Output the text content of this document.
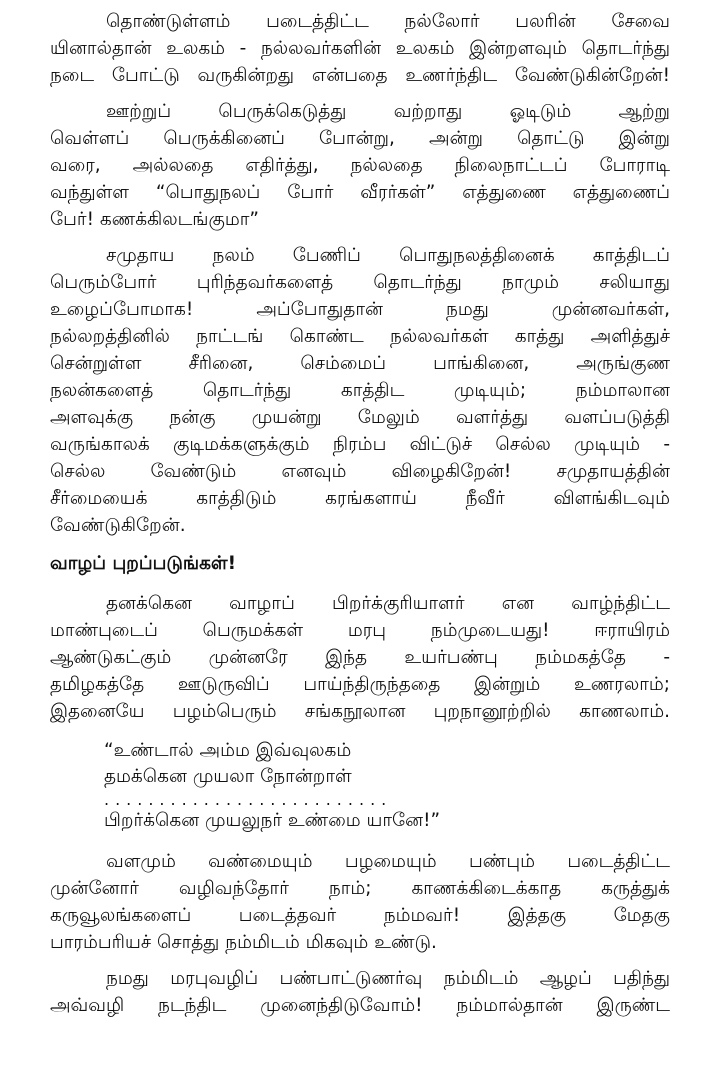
தொண்டுள்ளம் படைத்திட்ட நல்லோர் பலரின் சேவை
யினால்தான் உலகம் - நல்லவர்களின் உலகம் இன்றளவும் தொடர்ந்து
நடை போட்டு வருகின்றது என்பதை உணர்ந்திட வேண்டுகின்றேன்!
ஊற்றுப் பெருக்கெடுத்து வற்றாது ஓடிடும் ஆற்று
வெள்ளப் பெருக்கினைப் போன்று, அன்று தொட்டு இன்று
வரை, அல்லதை எதிர்த்து, நல்லதை நிலைநாட்டப் போராடி
வந்துள்ள “பொதுநலப் போர் வீரர்கள்” எத்துணை எத்துணைப்
பேர்! கணக்கிலடங்குமா”
சமுதாய நலம் பேணிப் பொதுநலத்தினைக் காத்திடப்
பெரும்போர் புரிந்தவர்களைத் தொடர்ந்து நாமும் சலியாது
உழைப்போமாக! அப்போதுதான் நமது முன்னவர்கள்,
நல்லறத்தினில் நாட்டங் கொண்ட நல்லவர்கள் காத்து அளித்துச்
சென்றுள்ள சீரினை, செம்மைப் பாங்கினை, அருங்குண
நலன்களைத் தொடர்ந்து காத்திட முடியும்; நம்மாலான
அளவுக்கு நன்கு முயன்று மேலும் வளர்த்து வளப்படுத்தி
வருங்காலக் குடிமக்களுக்கும் நிரம்ப விட்டுச் செல்ல முடியும் -
செல்ல வேண்டும் எனவும் விழைகிறேன்! சமுதாயத்தின்
சீர்மையைக் காத்திடும் கரங்களாய் நீவீர் விளங்கிடவும்
வேண்டுகிறேன்.
வாழப் புறப்படுங்கள்!
தனக்கென வாழாப் பிறர்க்குரியாளர் என வாழ்ந்திட்ட
மாண்புடைப் பெருமக்கள் மரபு நம்முடையது! ஈராயிரம்
ஆண்டுகட்கும் முன்னரே இந்த உயர்பண்பு நம்மகத்தே -
தமிழகத்தே ஊடுருவிப் பாய்ந்திருந்ததை இன்றும் உணரலாம்;
இதனையே பழம்பெரும் சங்கநூலான புறநானூற்றில் காணலாம்.
“உண்டால் அம்ம இவ்வுலகம்
தமக்கென முயலா நோன்றாள்
..........................
பிறர்க்கென முயலுநர் உண்மை யானே!”
வளமும் வண்மையும் பழமையும் பண்பும் படைத்திட்ட
முன்னோர் வழிவந்தோர் நாம்; காணக்கிடைக்காத கருத்துக்
கருவூலங்களைப் படைத்தவர் நம்மவர்! இத்தகு மேதகு
பாரம்பரியச் சொத்து நம்மிடம் மிகவும் உண்டு.
நமது மரபுவழிப் பண்பாட்டுணர்வு நம்மிடம் ஆழப் பதிந்து
அவ்வழி நடந்திட முனைந்திடுவோம்! நம்மால்தான் இருண்ட
